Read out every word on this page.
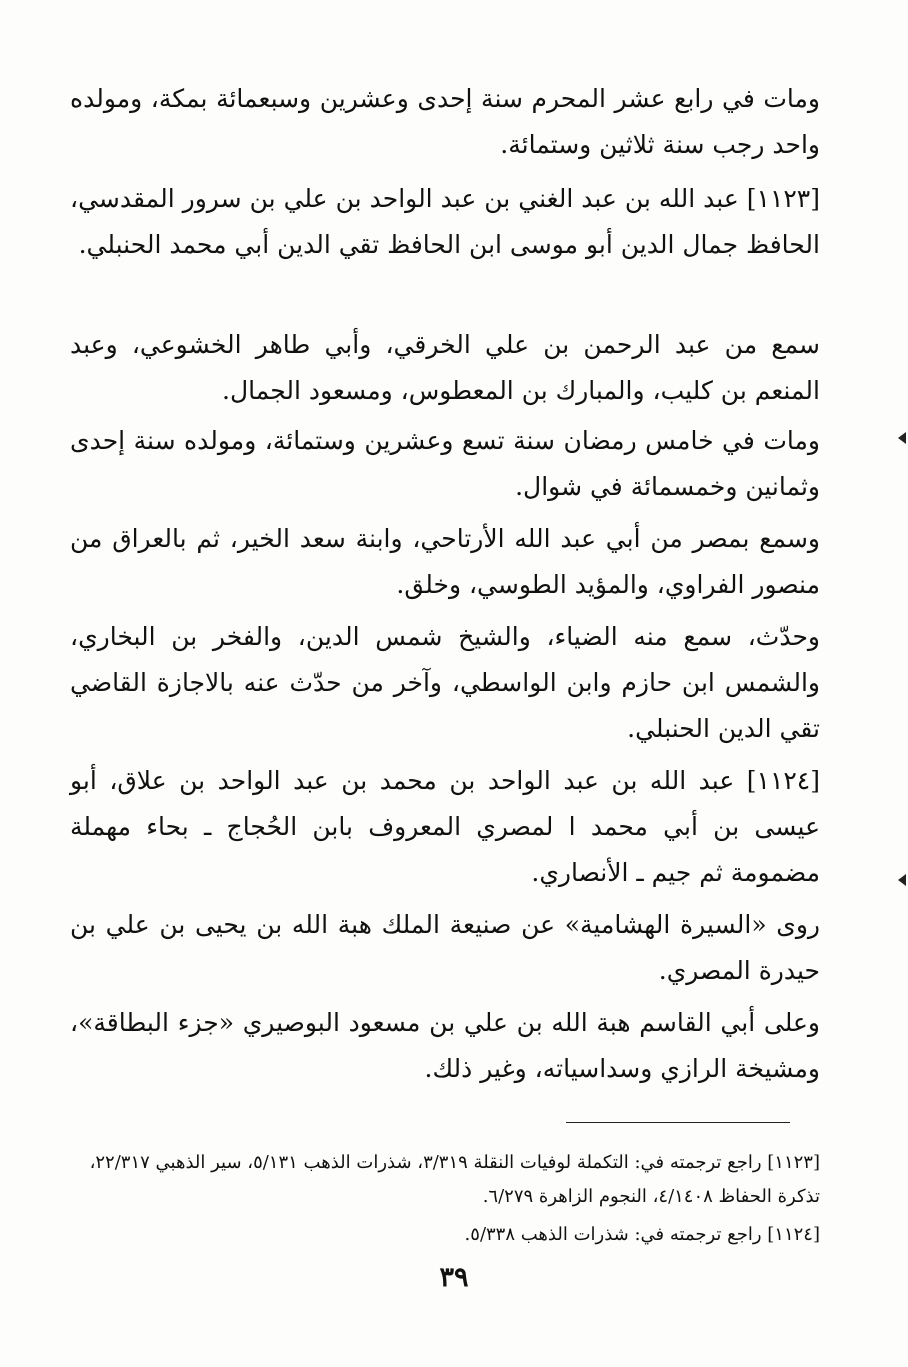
ومات في رابع عشر المحرم سنة إحدى وعشرين وسبعمائة بمكة، ومولده واحد رجب سنة ثلاثين وستمائة.
[١١٢٣] عبد الله بن عبد الغني بن عبد الواحد بن علي بن سرور المقدسي، الحافظ جمال الدين أبو موسى ابن الحافظ تقي الدين أبي محمد الحنبلي.
سمع من عبد الرحمن بن علي الخرقي، وأبي طاهر الخشوعي، وعبد المنعم بن كليب، والمبارك بن المعطوس، ومسعود الجمال.
ومات في خامس رمضان سنة تسع وعشرين وستمائة، ومولده سنة إحدى وثمانين وخمسمائة في شوال.
وسمع بمصر من أبي عبد الله الأرتاحي، وابنة سعد الخير، ثم بالعراق من منصور الفراوي، والمؤيد الطوسي، وخلق.
وحدّث، سمع منه الضياء، والشيخ شمس الدين، والفخر بن البخاري، والشمس ابن حازم وابن الواسطي، وآخر من حدّث عنه بالاجازة القاضي تقي الدين الحنبلي.
[١١٢٤] عبد الله بن عبد الواحد بن محمد بن عبد الواحد بن علاق، أبو عيسى بن أبي محمد ا لمصري المعروف بابن الحُجاج ـ بحاء مهملة مضمومة ثم جيم ـ الأنصاري.
روى «السيرة الهشامية» عن صنيعة الملك هبة الله بن يحيى بن علي بن حيدرة المصري.
وعلى أبي القاسم هبة الله بن علي بن مسعود البوصيري «جزء البطاقة»، ومشيخة الرازي وسداسياته، وغير ذلك.
[١١٢٣] راجع ترجمته في: التكملة لوفيات النقلة ٣/٣١٩، شذرات الذهب ٥/١٣١، سير الذهبي ٢٢/٣١٧، تذكرة الحفاظ ٤/١٤٠٨، النجوم الزاهرة ٦/٢٧٩.
[١١٢٤] راجع ترجمته في: شذرات الذهب ٥/٣٣٨.
٣٩
